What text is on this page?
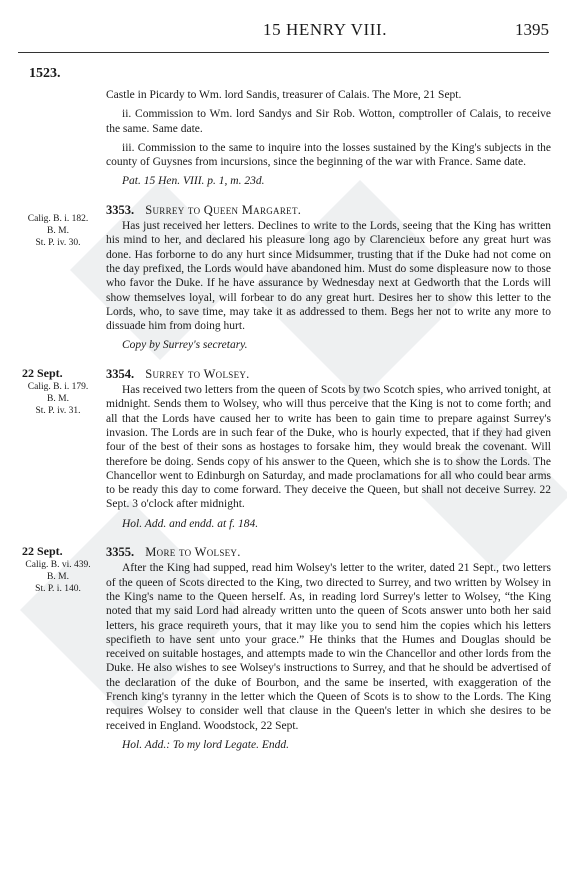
15 HENRY VIII.	1395
1523.

Castle in Picardy to Wm. lord Sandis, treasurer of Calais. The More, 21 Sept.

ii. Commission to Wm. lord Sandys and Sir Rob. Wotton, comptroller of Calais, to receive the same. Same date.

iii. Commission to the same to inquire into the losses sustained by the King's subjects in the county of Guysnes from incursions, since the beginning of the war with France. Same date.

Pat. 15 Hen. VIII. p. 1, m. 23d.

Calig. B. i. 182.
B. M.
St. P. iv. 30.

3353. Surrey to Queen Margaret.

Has just received her letters. Declines to write to the Lords, seeing that the King has written his mind to her, and declared his pleasure long ago by Clarencieux before any great hurt was done. Has forborne to do any hurt since Midsummer, trusting that if the Duke had not come on the day prefixed, the Lords would have abandoned him. Must do some displeasure now to those who favor the Duke. If he have assurance by Wednesday next at Gedworth that the Lords will show themselves loyal, will forbear to do any great hurt. Desires her to show this letter to the Lords, who, to save time, may take it as addressed to them. Begs her not to write any more to dissuade him from doing hurt.

Copy by Surrey's secretary.

22 Sept.
Calig. B. i. 179.
B. M.
St. P. iv. 31.

3354. Surrey to Wolsey.

Has received two letters from the queen of Scots by two Scotch spies, who arrived tonight, at midnight. Sends them to Wolsey, who will thus perceive that the King is not to come forth; and all that the Lords have caused her to write has been to gain time to prepare against Surrey's invasion. The Lords are in such fear of the Duke, who is hourly expected, that if they had given four of the best of their sons as hostages to forsake him, they would break the covenant. Will therefore be doing. Sends copy of his answer to the Queen, which she is to show the Lords. The Chancellor went to Edinburgh on Saturday, and made proclamations for all who could bear arms to be ready this day to come forward. They deceive the Queen, but shall not deceive Surrey. 22 Sept. 3 o'clock after midnight.

Hol. Add. and endd. at f. 184.

22 Sept.
Calig. B. vi. 439.
B. M.
St. P. i. 140.

3355. More to Wolsey.

After the King had supped, read him Wolsey's letter to the writer, dated 21 Sept., two letters of the queen of Scots directed to the King, two directed to Surrey, and two written by Wolsey in the King's name to the Queen herself. As, in reading lord Surrey's letter to Wolsey, “the King noted that my said Lord had already written unto the queen of Scots answer unto both her said letters, his grace requireth yours, that it may like you to send him the copies which his letters specifieth to have sent unto your grace.” He thinks that the Humes and Douglas should be received on suitable hostages, and attempts made to win the Chancellor and other lords from the Duke. He also wishes to see Wolsey's instructions to Surrey, and that he should be advertised of the declaration of the duke of Bourbon, and the same be inserted, with exaggeration of the French king's tyranny in the letter which the Queen of Scots is to show to the Lords. The King requires Wolsey to consider well that clause in the Queen's letter in which she desires to be received in England. Woodstock, 22 Sept.

Hol. Add.: To my lord Legate. Endd.
